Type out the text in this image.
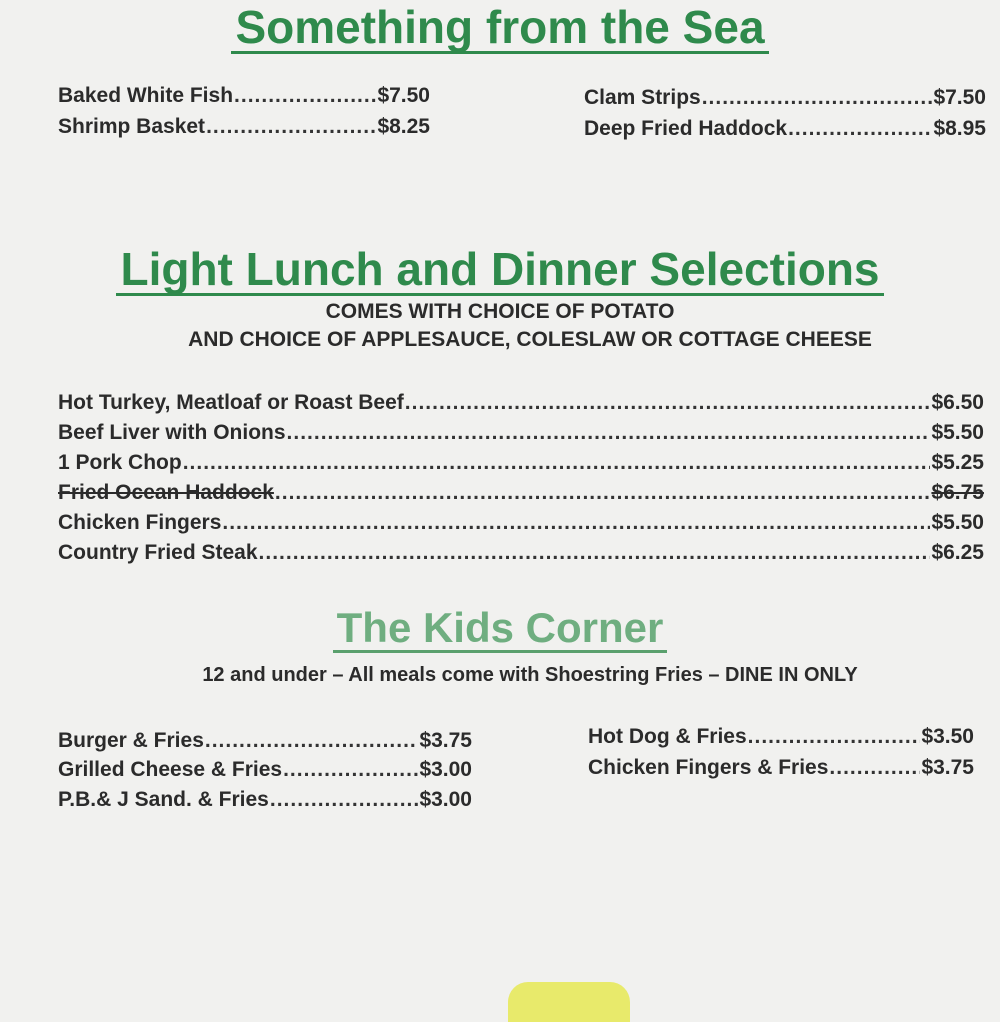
Something from the Sea
Baked White Fish .....	$7.50
Shrimp Basket .....	$8.25
Clam Strips .....	$7.50
Deep Fried Haddock .....	$8.95
Light Lunch and Dinner Selections

COMES WITH CHOICE OF POTATO

AND CHOICE OF APPLESAUCE, COLESLAW OR COTTAGE CHEESE

Hot Turkey, Meatloaf or Roast Beef .....	$6.50
Beef Liver with Onions .....	$5.50
1 Pork Chop .....	$5.25
Fried Ocean Haddock .....	$6.75
Chicken Fingers .....	$5.50
Country Fried Steak .....	$6.25
The Kids Corner

12 and under – All meals come with Shoestring Fries – DINE IN ONLY

Burger & Fries .....	$3.75
Grilled Cheese & Fries .....	$3.00
P.B.& J Sand. & Fries .....	$3.00
Hot Dog & Fries .....	$3.50
Chicken Fingers & Fries .....	$3.75
